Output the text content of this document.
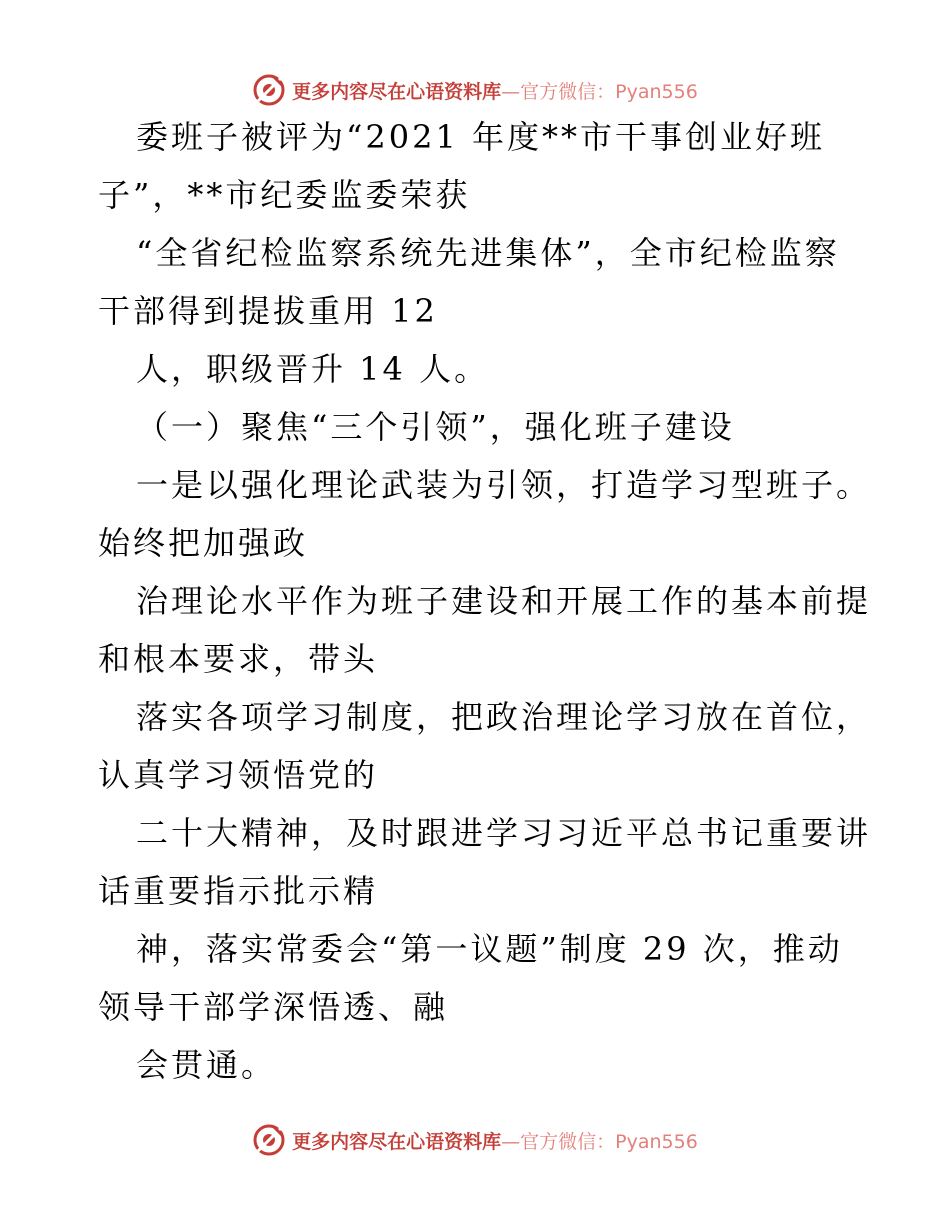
更多内容尽在心语资料库—官方微信：Pyan556
委班子被评为“2021 年度**市干事创业好班
子”，**市纪委监委荣获
“全省纪检监察系统先进集体”，全市纪检监察
干部得到提拔重用 12
人，职级晋升 14 人。
（一）聚焦“三个引领”，强化班子建设
一是以强化理论武装为引领，打造学习型班子。
始终把加强政
治理论水平作为班子建设和开展工作的基本前提
和根本要求，带头
落实各项学习制度，把政治理论学习放在首位，
认真学习领悟党的
二十大精神，及时跟进学习习近平总书记重要讲
话重要指示批示精
神，落实常委会“第一议题”制度 29 次，推动
领导干部学深悟透、融
会贯通。
更多内容尽在心语资料库—官方微信：Pyan556
